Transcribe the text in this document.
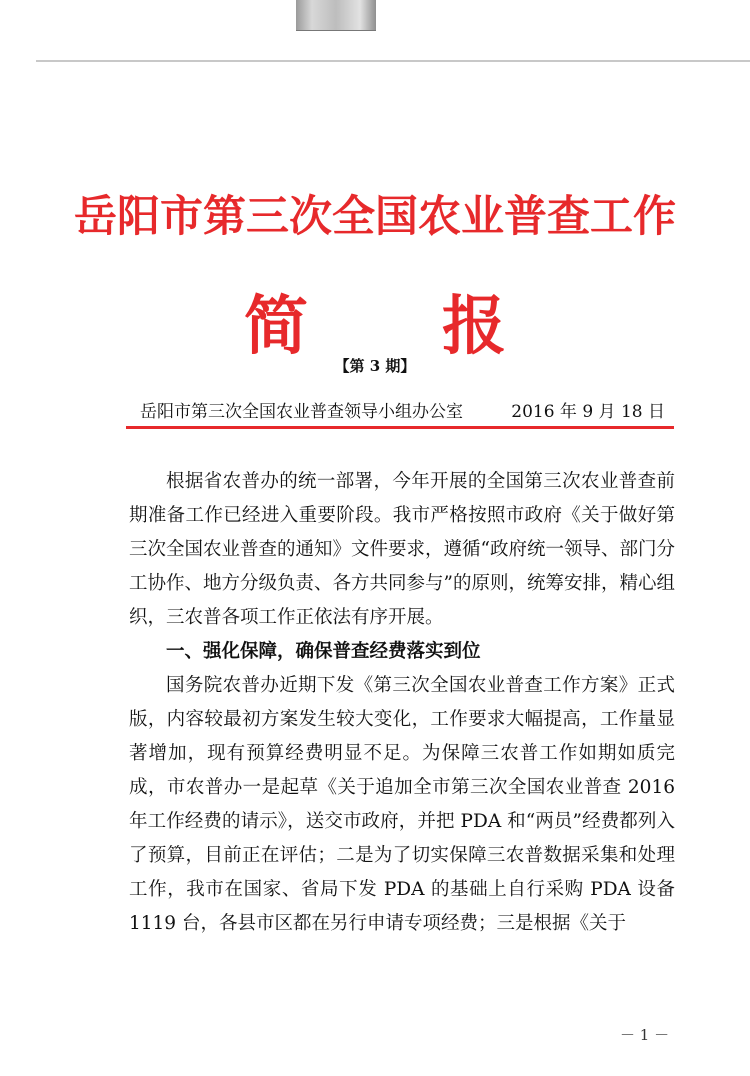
岳阳市第三次全国农业普查工作
简 报
【第 3 期】
岳阳市第三次全国农业普查领导小组办公室	2016 年 9 月 18 日

根据省农普办的统一部署，今年开展的全国第三次农业普查前期准备工作已经进入重要阶段。我市严格按照市政府《关于做好第三次全国农业普查的通知》文件要求，遵循“政府统一领导、部门分工协作、地方分级负责、各方共同参与”的原则，统筹安排，精心组织，三农普各项工作正依法有序开展。

一、强化保障，确保普查经费落实到位

国务院农普办近期下发《第三次全国农业普查工作方案》正式版，内容较最初方案发生较大变化，工作要求大幅提高，工作量显著增加，现有预算经费明显不足。为保障三农普工作如期如质完成，市农普办一是起草《关于追加全市第三次全国农业普查 2016 年工作经费的请示》，送交市政府，并把 PDA 和“两员”经费都列入了预算，目前正在评估；二是为了切实保障三农普数据采集和处理工作，我市在国家、省局下发 PDA 的基础上自行采购 PDA 设备 1119 台，各县市区都在另行申请专项经费；三是根据《关于

－ 1 －
